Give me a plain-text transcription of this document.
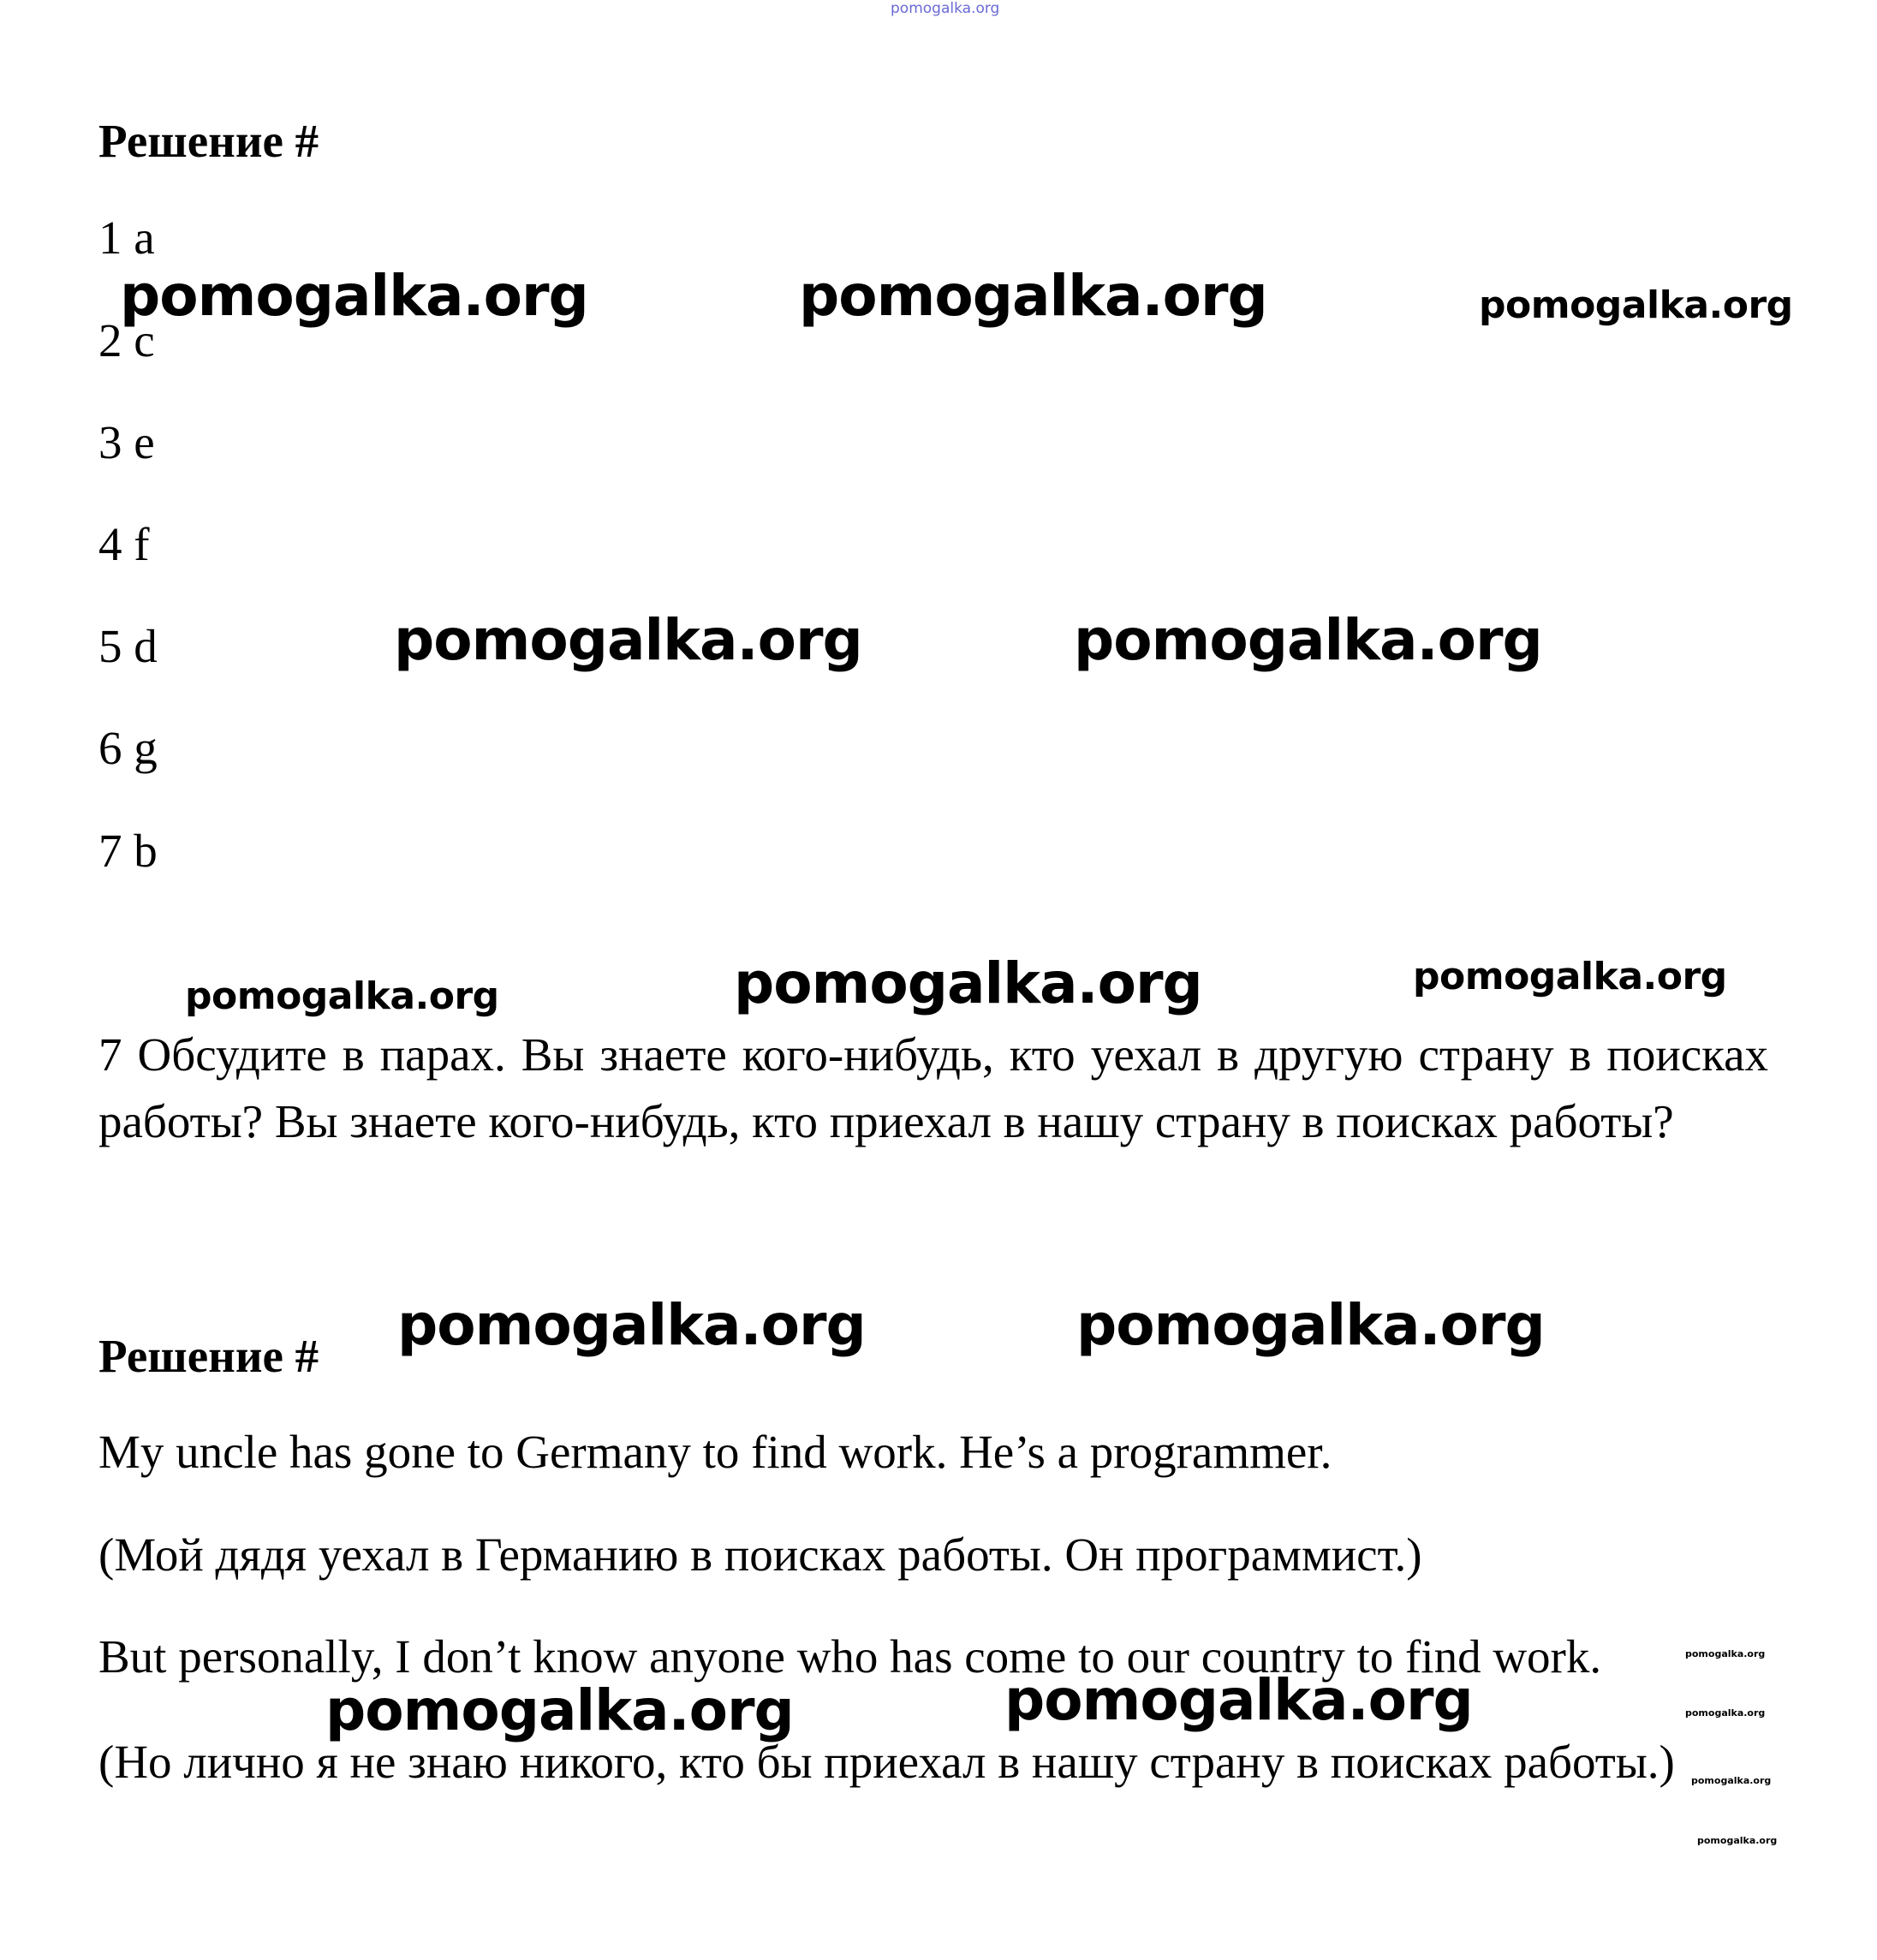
pomogalka.org
Решение #
1 a
2 c
3 e
4 f
5 d
6 g
7 b
7 Обсудите в парах. Вы знаете кого-нибудь, кто уехал в другую страну в поисках работы? Вы знаете кого-нибудь, кто приехал в нашу страну в поисках работы?
Решение #
My uncle has gone to Germany to find work. He’s a programmer.
(Мой дядя уехал в Германию в поисках работы. Он программист.)
But personally, I don’t know anyone who has come to our country to find work.
(Но лично я не знаю никого, кто бы приехал в нашу страну в поисках работы.)
pomogalka.org	pomogalka.org	pomogalka.org
pomogalka.org	pomogalka.org
pomogalka.org	pomogalka.org	pomogalka.org
pomogalka.org	pomogalka.org
pomogalka.org	pomogalka.org
pomogalka.org
pomogalka.org
pomogalka.org
pomogalka.org
